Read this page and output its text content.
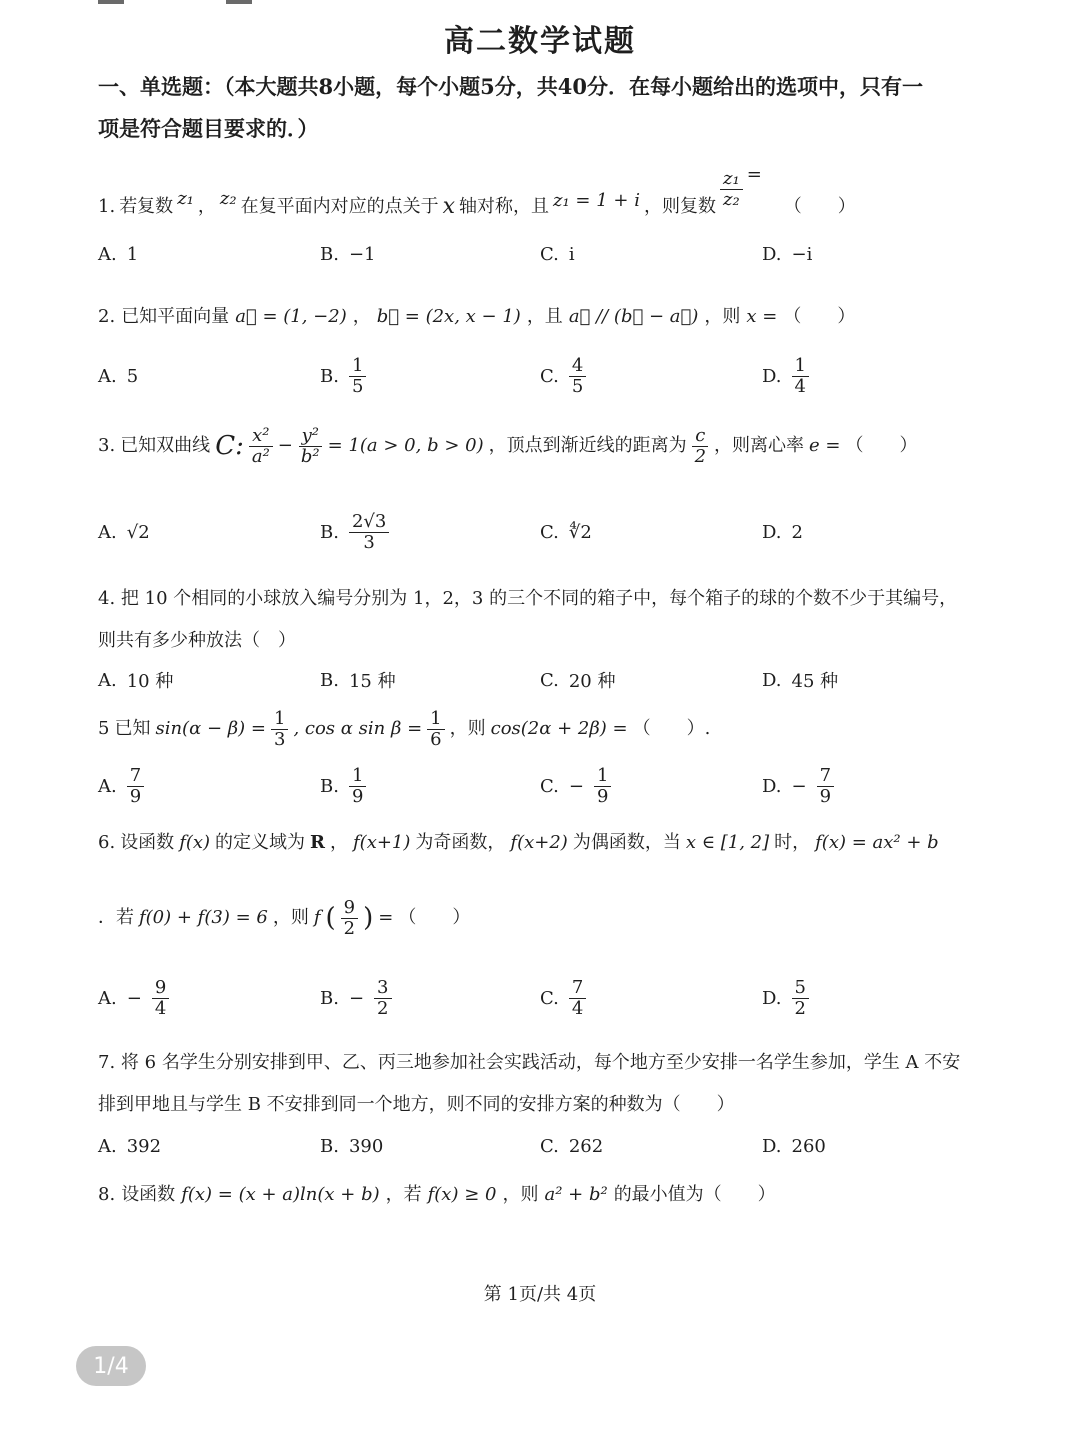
高二数学试题
一、单选题：（本大题共8小题，每个小题5分，共40分．在每小题给出的选项中，只有一
项是符合题目要求的．）
1. 若复数 z₁ ， z₂ 在复平面内对应的点关于 x 轴对称，且 z₁ = 1 + i ，则复数 $\frac{\text{z₁}}{\text{z₂}}$ =
（　　）
A. 1	B. −1	C. i	D. −i
2. 已知平面向量 a⃗ = (1, −2) ， b⃗ = (2x, x − 1) ，且 a⃗ // (b⃗ − a⃗) ，则 x = （　　）
A. 5	B. $\frac{1}{5}$	C. $\frac{4}{5}$	D. $\frac{1}{4}$
3. 已知双曲线 C: $\frac{\text{x²}}{\text{a²}} - \frac{\text{y²}}{\text{b²}} = 1(a > 0$, b > 0) ，顶点到渐近线的距离为 $\frac{c}{2}$ ，则离心率 e = （　　）
A. √2	B. $\frac{2√3}{3}$	C. ∜2	D. 2
4. 把 10 个相同的小球放入编号分别为 1，2，3 的三个不同的箱子中，每个箱子的球的个数不少于其编号，
则共有多少种放法（　）
A. 10 种	B. 15 种	C. 20 种	D. 45 种
5 已知 $\sin(\alpha - \beta) = \frac{1}{3}$ , cos α $\sin \beta = \frac{1}{6}$ ，则 cos(2α + 2β) = （　　）.
A. $\frac{7}{9}$	B. $\frac{1}{9}$	C. − $\frac{1}{9}$	D. − $\frac{7}{9}$
6. 设函数 f(x) 的定义域为 R ， f(x+1) 为奇函数， f(x+2) 为偶函数，当 x ∈ [1, 2] 时， f(x) = ax² + b
．若 f(0) + f(3) = 6 ，则 f ( $\frac{9}{2}$ ) = （　　）
A. − $\frac{9}{4}$	B. − $\frac{3}{2}$	C. $\frac{7}{4}$	D. $\frac{5}{2}$
7. 将 6 名学生分别安排到甲、乙、丙三地参加社会实践活动，每个地方至少安排一名学生参加，学生 A 不安
排到甲地且与学生 B 不安排到同一个地方，则不同的安排方案的种数为（　　）
A. 392	B. 390	C. 262	D. 260
8. 设函数 f(x) = (x + a)ln(x + b) ，若 f(x) ≥ 0 ，则 a² + b² 的最小值为（　　）
第 1页/共 4页
1/4
